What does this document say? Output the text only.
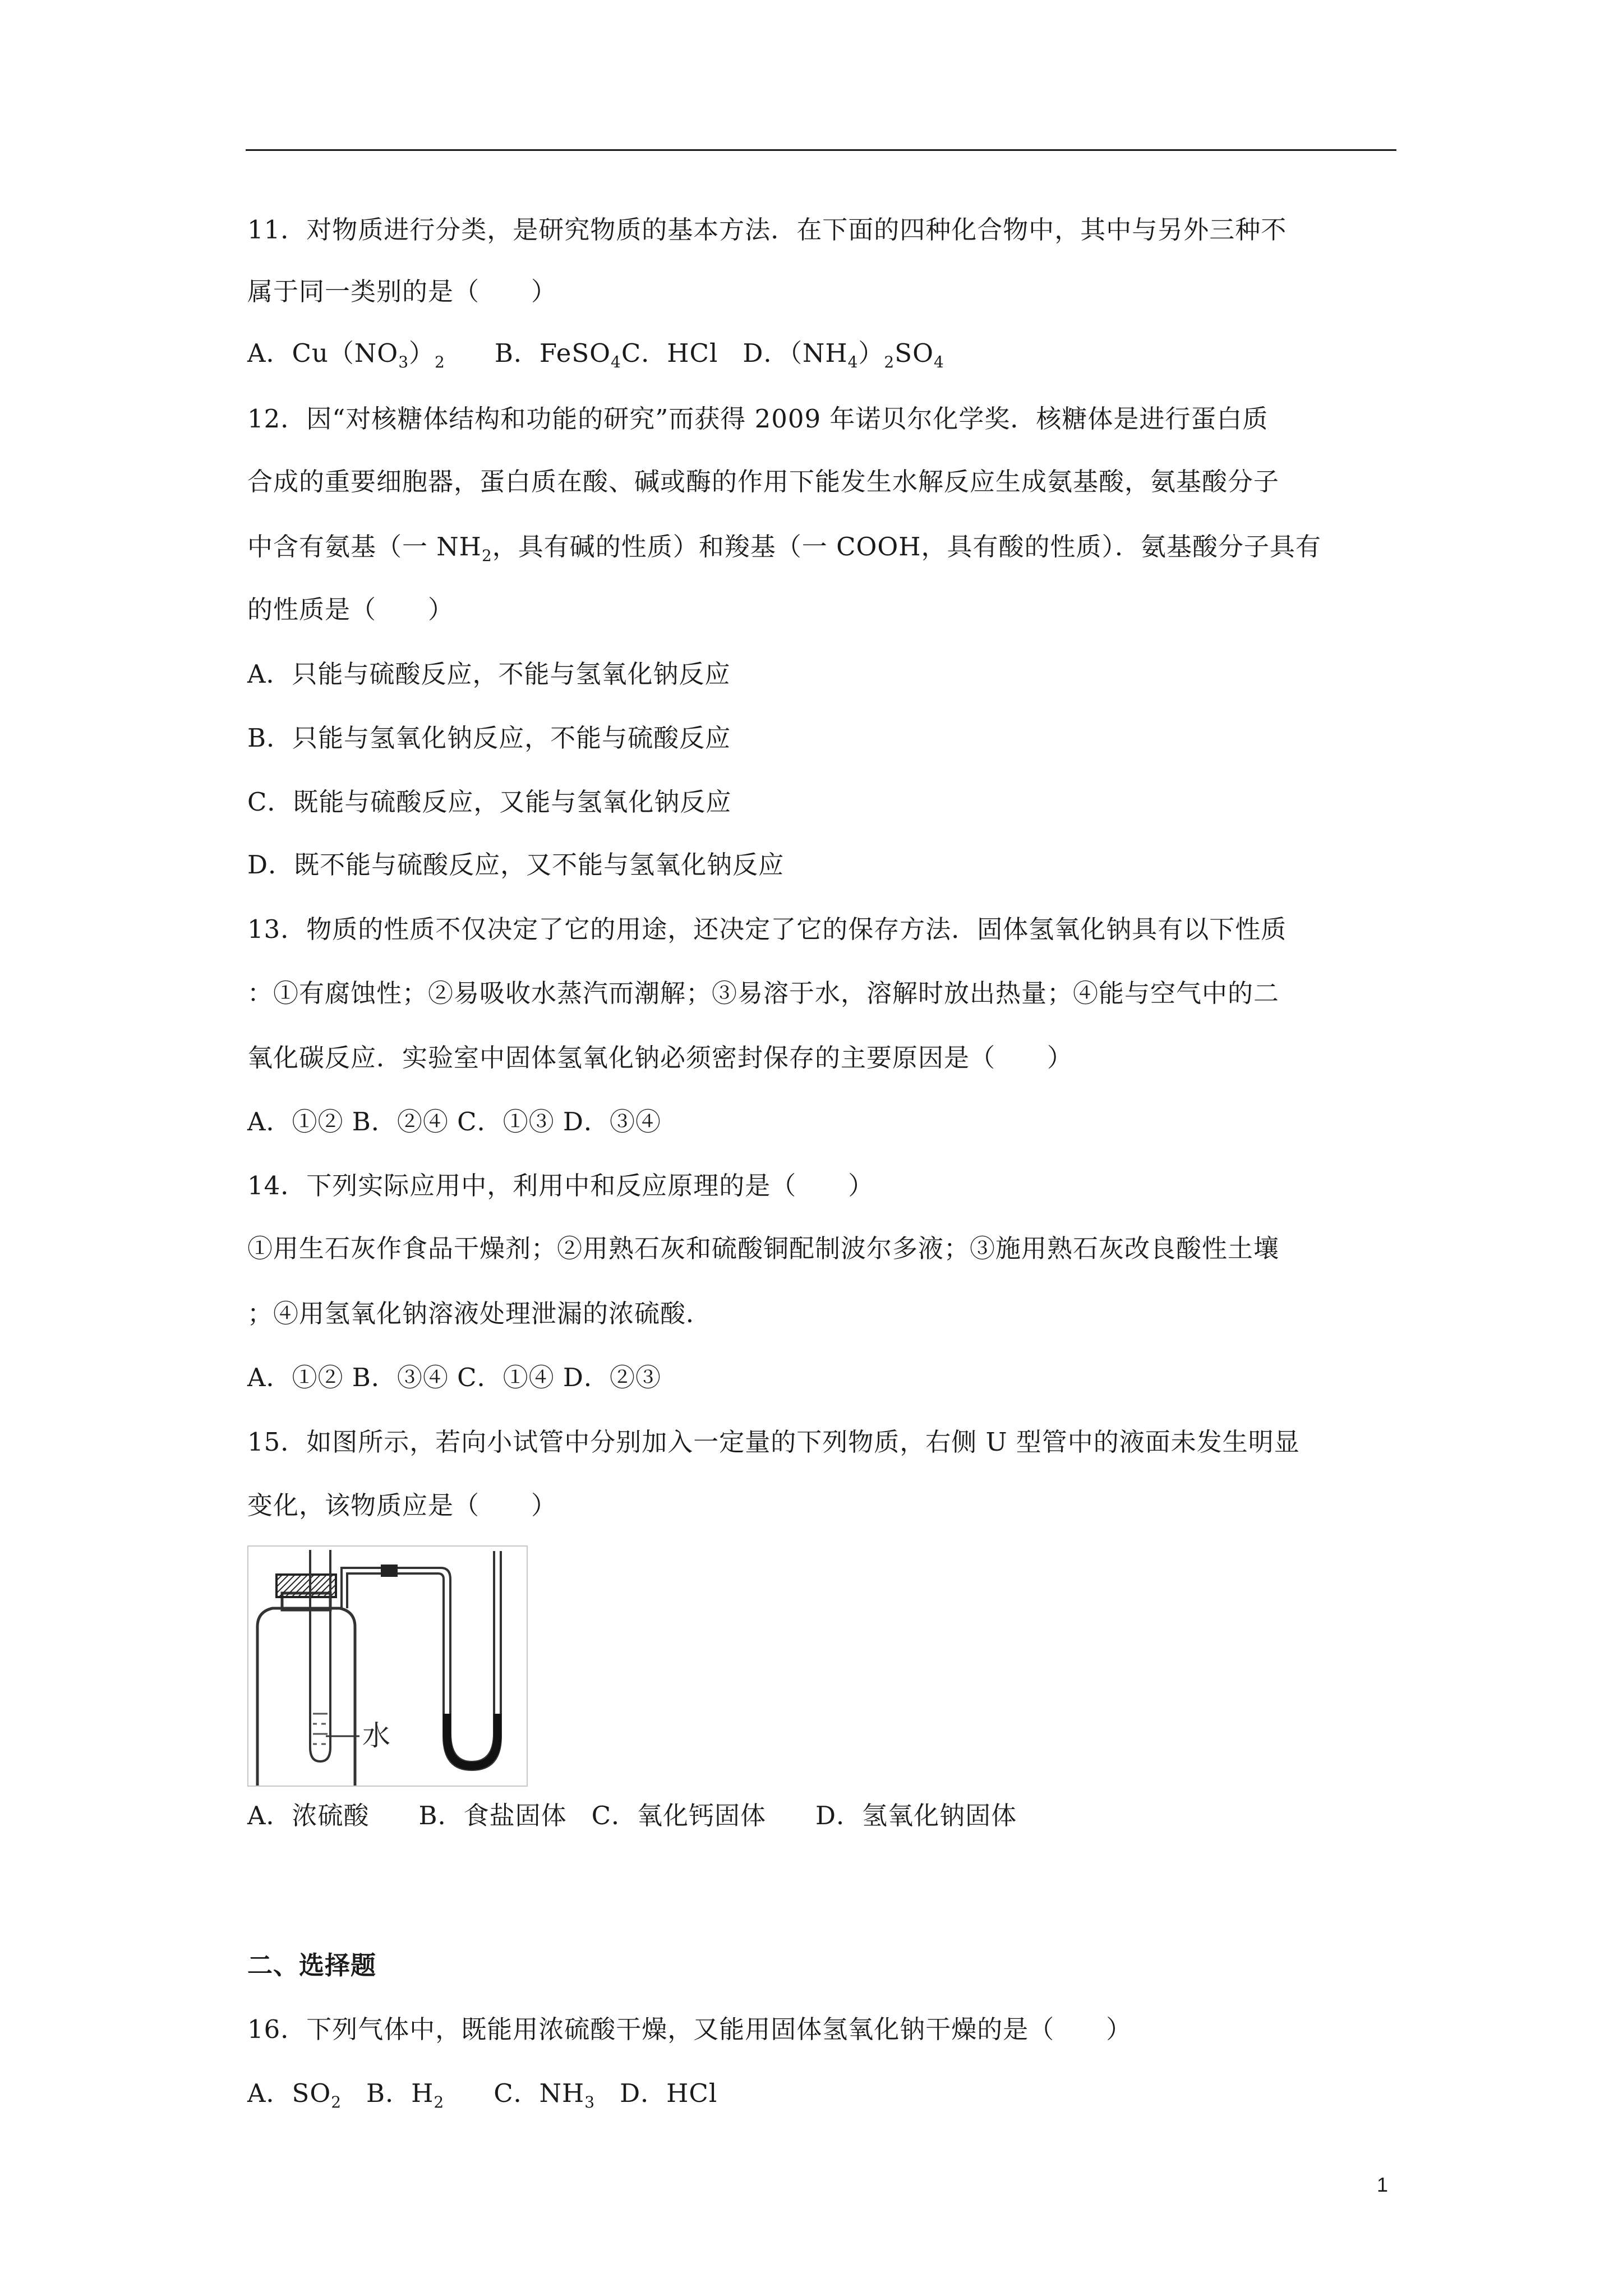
11．对物质进行分类，是研究物质的基本方法．在下面的四种化合物中，其中与另外三种不
属于同一类别的是（　　）
A．$Cu(NO_3)_2$ B．FeSO$_4$C．HCl D．$(NH_4)_2SO_4$
12．因“对核糖体结构和功能的研究”而获得 2009 年诺贝尔化学奖．核糖体是进行蛋白质
合成的重要细胞器，蛋白质在酸、碱或酶的作用下能发生水解反应生成氨基酸，氨基酸分子
中含有氨基（一 $NH_2$，具有碱的性质）和羧基（一 COOH，具有酸的性质）．氨基酸分子具有
的性质是（　　）
A．只能与硫酸反应，不能与氢氧化钠反应
B．只能与氢氧化钠反应，不能与硫酸反应
C．既能与硫酸反应，又能与氢氧化钠反应
D．既不能与硫酸反应，又不能与氢氧化钠反应
13．物质的性质不仅决定了它的用途，还决定了它的保存方法．固体氢氧化钠具有以下性质
：①有腐蚀性；②易吸收水蒸汽而潮解；③易溶于水，溶解时放出热量；④能与空气中的二
氧化碳反应．实验室中固体氢氧化钠必须密封保存的主要原因是（　　）
A．①② B．②④ C．①③ D．③④
14．下列实际应用中，利用中和反应原理的是（　　）
①用生石灰作食品干燥剂；②用熟石灰和硫酸铜配制波尔多液；③施用熟石灰改良酸性土壤
；④用氢氧化钠溶液处理泄漏的浓硫酸．
A．①② B．③④ C．①④ D．②③
15．如图所示，若向小试管中分别加入一定量的下列物质，右侧 U 型管中的液面未发生明显
变化，该物质应是（　　）
水
A．浓硫酸 B．食盐固体 C．氧化钙固体 D．氢氧化钠固体
二、选择题
16．下列气体中，既能用浓硫酸干燥，又能用固体氢氧化钠干燥的是（　　）
A．$SO_2$ B．$H_2$ C．$NH_3$ D．HCl
1
